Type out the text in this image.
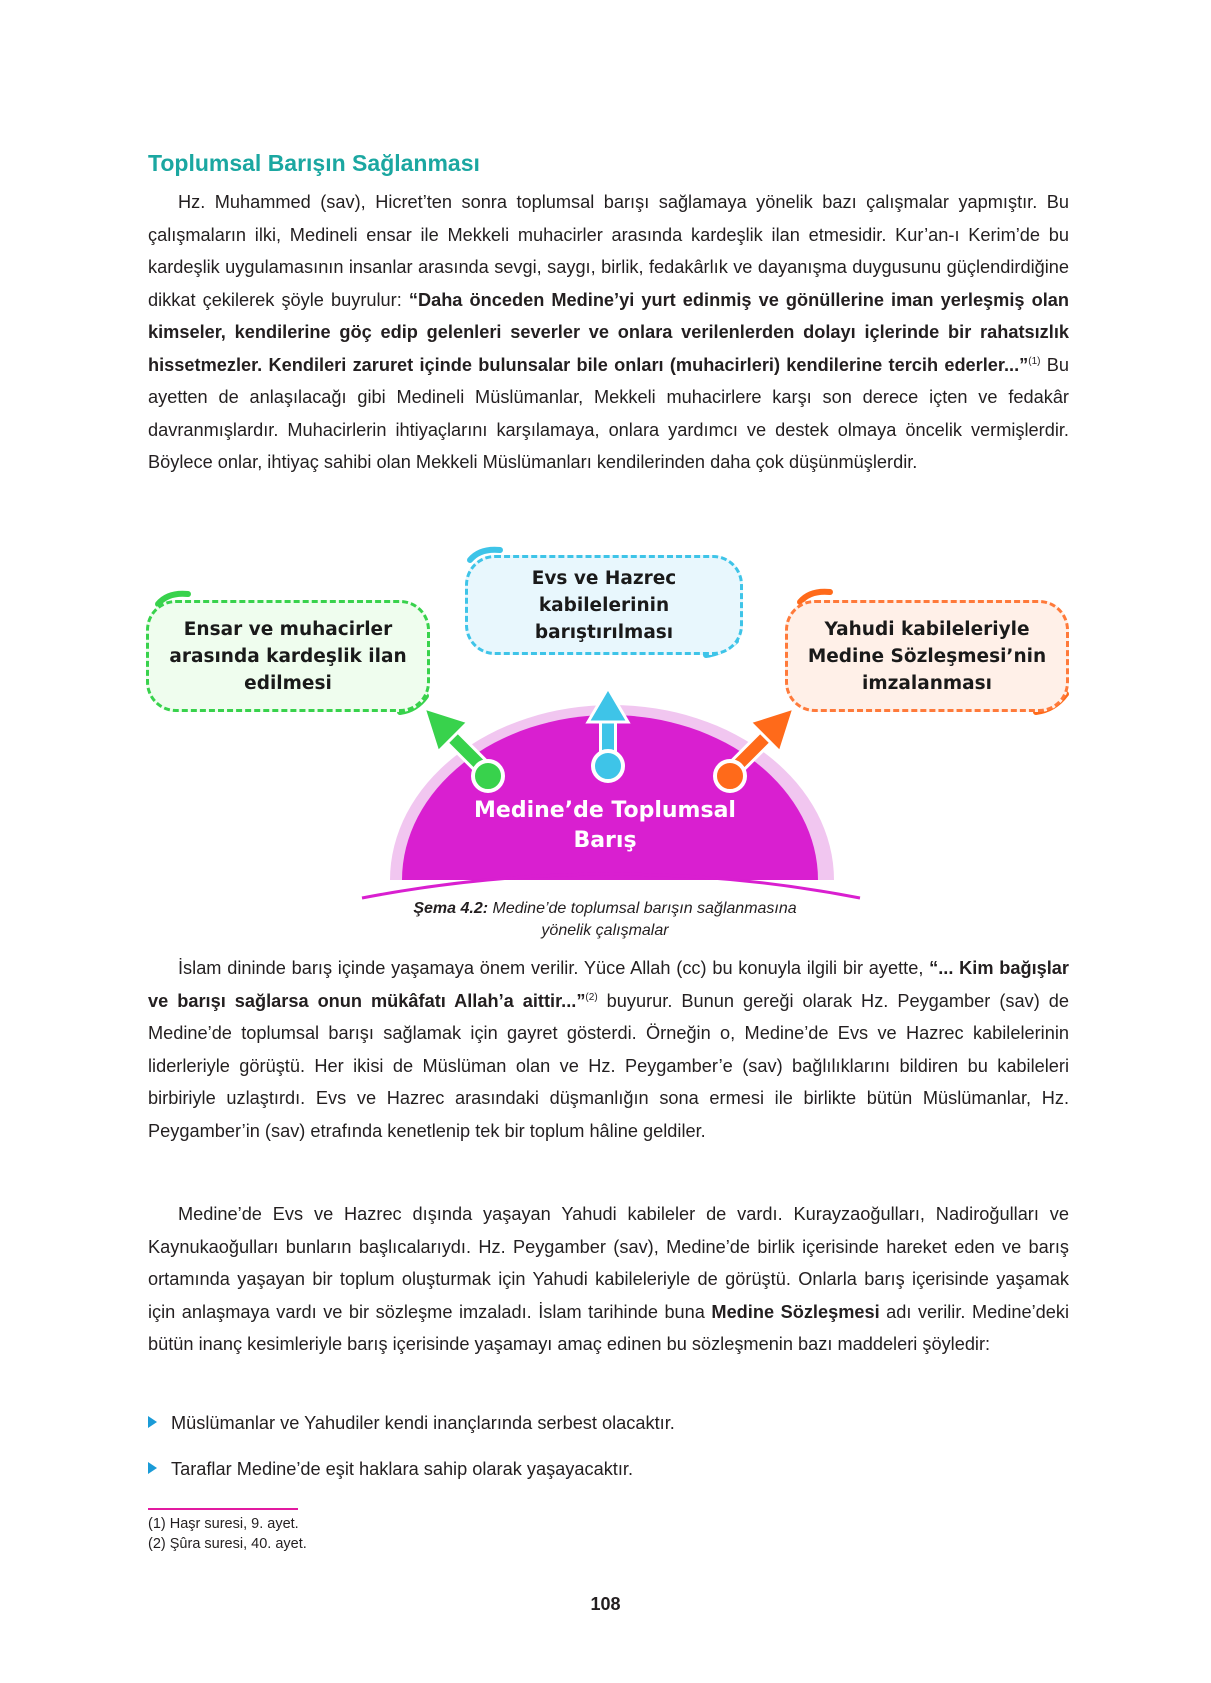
Toplumsal Barışın Sağlanması
Hz. Muhammed (sav), Hicret’ten sonra toplumsal barışı sağlamaya yönelik bazı çalışmalar yapmıştır. Bu çalışmaların ilki, Medineli ensar ile Mekkeli muhacirler arasında kardeşlik ilan etmesidir. Kur’an-ı Kerim’de bu kardeşlik uygulamasının insanlar arasında sevgi, saygı, birlik, fedakârlık ve dayanışma duygusunu güçlendirdiğine dikkat çekilerek şöyle buyrulur: “Daha önceden Medine’yi yurt edinmiş ve gönüllerine iman yerleşmiş olan kimseler, kendilerine göç edip gelenleri severler ve onlara verilenlerden dolayı içlerinde bir rahatsızlık hissetmezler. Kendileri zaruret içinde bulunsalar bile onları (muhacirleri) kendilerine tercih ederler...”$^{(1)}$ Bu ayetten de anlaşılacağı gibi Medineli Müslümanlar, Mekkeli muhacirlere karşı son derece içten ve fedakâr davranmışlardır. Muhacirlerin ihtiyaçlarını karşılamaya, onlara yardımcı ve destek olmaya öncelik vermişlerdir. Böylece onlar, ihtiyaç sahibi olan Mekkeli Müslümanları kendilerinden daha çok düşünmüşlerdir.
Ensar ve muhacirler arasında kardeşlik ilan edilmesi
Evs ve Hazrec kabilelerinin barıştırılması	Yahudi kabileleriyle Medine Sözleşmesi’nin imzalanması
Medine’de Toplumsal Barış
Şema 4.2: Medine’de toplumsal barışın sağlanmasına yönelik çalışmalar
İslam dininde barış içinde yaşamaya önem verilir. Yüce Allah (cc) bu konuyla ilgili bir ayette, “... Kim bağışlar ve barışı sağlarsa onun mükâfatı Allah’a aittir...”$^{(2)}$ buyurur. Bunun gereği olarak Hz. Peygamber (sav) de Medine’de toplumsal barışı sağlamak için gayret gösterdi. Örneğin o, Medine’de Evs ve Hazrec kabilelerinin liderleriyle görüştü. Her ikisi de Müslüman olan ve Hz. Peygamber’e (sav) bağlılıklarını bildiren bu kabileleri birbiriyle uzlaştırdı. Evs ve Hazrec arasındaki düşmanlığın sona ermesi ile birlikte bütün Müslümanlar, Hz. Peygamber’in (sav) etrafında kenetlenip tek bir toplum hâline geldiler.
Medine’de Evs ve Hazrec dışında yaşayan Yahudi kabileler de vardı. Kurayzaoğulları, Nadiroğulları ve Kaynukaoğulları bunların başlıcalarıydı. Hz. Peygamber (sav), Medine’de birlik içerisinde hareket eden ve barış ortamında yaşayan bir toplum oluşturmak için Yahudi kabileleriyle de görüştü. Onlarla barış içerisinde yaşamak için anlaşmaya vardı ve bir sözleşme imzaladı. İslam tarihinde buna Medine Sözleşmesi adı verilir. Medine’deki bütün inanç kesimleriyle barış içerisinde yaşamayı amaç edinen bu sözleşmenin bazı maddeleri şöyledir:
Müslümanlar ve Yahudiler kendi inançlarında serbest olacaktır.
Taraflar Medine’de eşit haklara sahip olarak yaşayacaktır.
(1) Haşr suresi, 9. ayet.
(2) Şûra suresi, 40. ayet.
108
